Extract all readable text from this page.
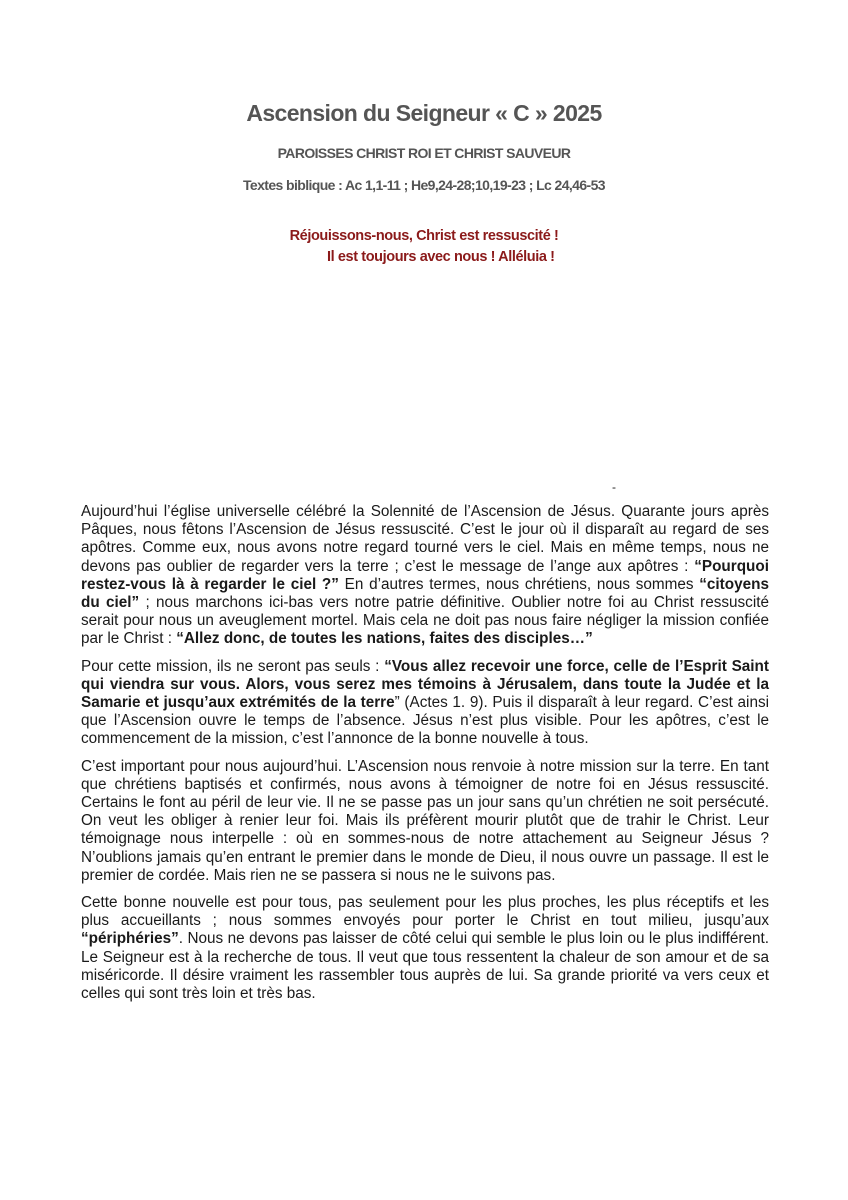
Ascension du Seigneur « C » 2025
PAROISSES CHRIST ROI ET CHRIST SAUVEUR
Textes biblique : Ac 1,1-11 ; He9,24-28;10,19-23 ; Lc 24,46-53
Réjouissons-nous, Christ est ressuscité !
Il est toujours avec nous ! Alléluia !
-

Aujourd’hui l’église universelle célébré la Solennité de l’Ascension de Jésus. Quarante jours après Pâques, nous fêtons l’Ascension de Jésus ressuscité. C’est le jour où il disparaît au regard de ses apôtres. Comme eux, nous avons notre regard tourné vers le ciel. Mais en même temps, nous ne devons pas oublier de regarder vers la terre ; c’est le message de l’ange aux apôtres : “Pourquoi restez-vous là à regarder le ciel ?” En d’autres termes, nous chrétiens, nous sommes “citoyens du ciel” ; nous marchons ici-bas vers notre patrie définitive. Oublier notre foi au Christ ressuscité serait pour nous un aveuglement mortel. Mais cela ne doit pas nous faire négliger la mission confiée par le Christ : “Allez donc, de toutes les nations, faites des disciples…”

Pour cette mission, ils ne seront pas seuls : “Vous allez recevoir une force, celle de l’Esprit Saint qui viendra sur vous. Alors, vous serez mes témoins à Jérusalem, dans toute la Judée et la Samarie et jusqu’aux extrémités de la terre” (Actes 1. 9). Puis il disparaît à leur regard. C’est ainsi que l’Ascension ouvre le temps de l’absence. Jésus n’est plus visible. Pour les apôtres, c’est le commencement de la mission, c’est l’annonce de la bonne nouvelle à tous.

C’est important pour nous aujourd’hui. L’Ascension nous renvoie à notre mission sur la terre. En tant que chrétiens baptisés et confirmés, nous avons à témoigner de notre foi en Jésus ressuscité. Certains le font au péril de leur vie. Il ne se passe pas un jour sans qu’un chrétien ne soit persécuté. On veut les obliger à renier leur foi. Mais ils préfèrent mourir plutôt que de trahir le Christ. Leur témoignage nous interpelle : où en sommes-nous de notre attachement au Seigneur Jésus ? N’oublions jamais qu’en entrant le premier dans le monde de Dieu, il nous ouvre un passage. Il est le premier de cordée. Mais rien ne se passera si nous ne le suivons pas.

Cette bonne nouvelle est pour tous, pas seulement pour les plus proches, les plus réceptifs et les plus accueillants ; nous sommes envoyés pour porter le Christ en tout milieu, jusqu’aux “périphéries”. Nous ne devons pas laisser de côté celui qui semble le plus loin ou le plus indifférent. Le Seigneur est à la recherche de tous. Il veut que tous ressentent la chaleur de son amour et de sa miséricorde. Il désire vraiment les rassembler tous auprès de lui. Sa grande priorité va vers ceux et celles qui sont très loin et très bas.
